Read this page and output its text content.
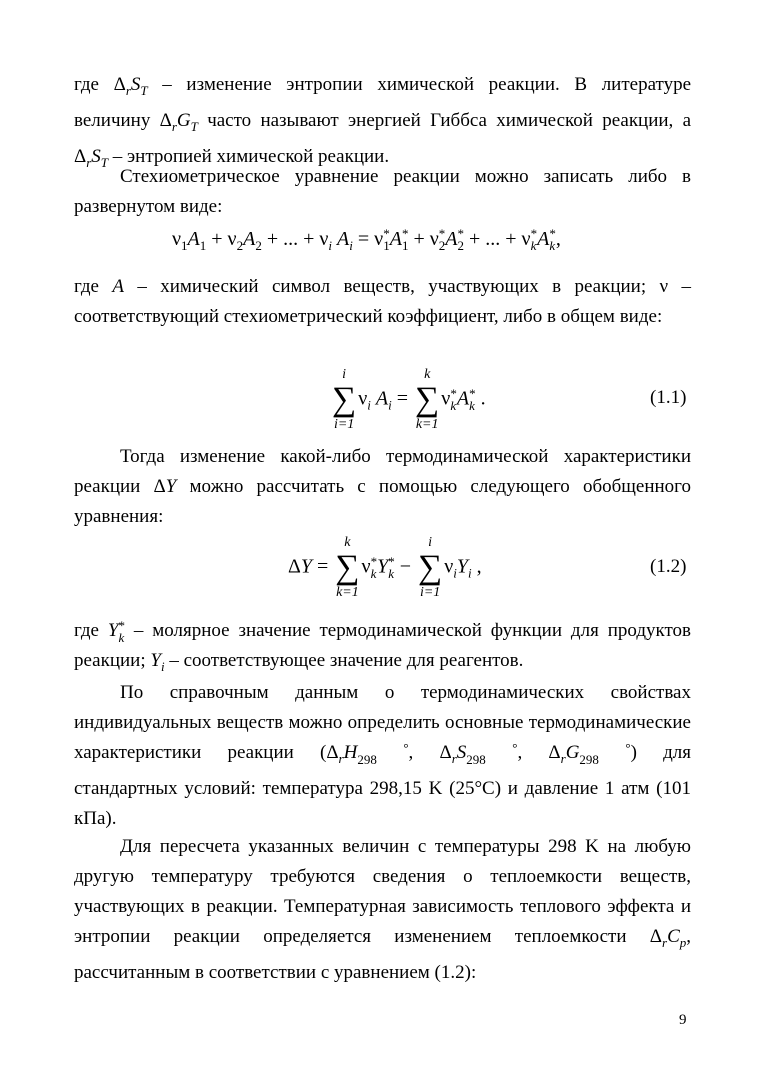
где $\Delta_rS_T$ – изменение энтропии химической реакции. В литературе величину $\Delta_rG_T$ часто называют энергией Гиббса химической реакции, а $\Delta_rS_T$ – энтропией химической реакции.

Стехиометрическое уравнение реакции можно записать либо в развернутом виде:

$\nu_1A_1 + \nu_2A_2$ + ... + $\nu_i$ $A_i = \nu*$
1A*
1 + ν*
2A*
2 + ... + ν*
kA*
k,

где A – химический символ веществ, участвующих в реакции; ν – соответствующий стехиометрический коэффициент, либо в общем виде:

i
∑
i=1
$\nu_i$ $A_i$ =
k
∑
k=1
ν*
kA*
k .	(1.1)

Тогда изменение какой-либо термодинамической характеристики реакции ΔY можно рассчитать с помощью следующего обобщенного уравнения:

ΔY =
k
∑
k=1
ν*
kY*
k −
i
∑
i=1
$\nu_iY_i$ ,	(1.2)

где Y*
k – молярное значение термодинамической функции для продуктов реакции; $Y_i$ – соответствующее значение для реагентов.

По справочным данным о термодинамических свойствах индивидуальных веществ можно определить основные термодинамические характеристики реакции ($\Delta_rH$	°
298 , $\Delta_rS$	°
298 , $\Delta_rG$	°
298 ) для стандартных условий: температура 298,15 K (25°C) и давление 1 атм (101 кПа).

Для пересчета указанных величин с температуры 298 K на любую другую температуру требуются сведения о теплоемкости веществ, участвующих в реакции. Температурная зависимость теплового эффекта и энтропии реакции определяется изменением теплоемкости $\Delta_rC_p$, рассчитанным в соответствии с уравнением (1.2):

9
